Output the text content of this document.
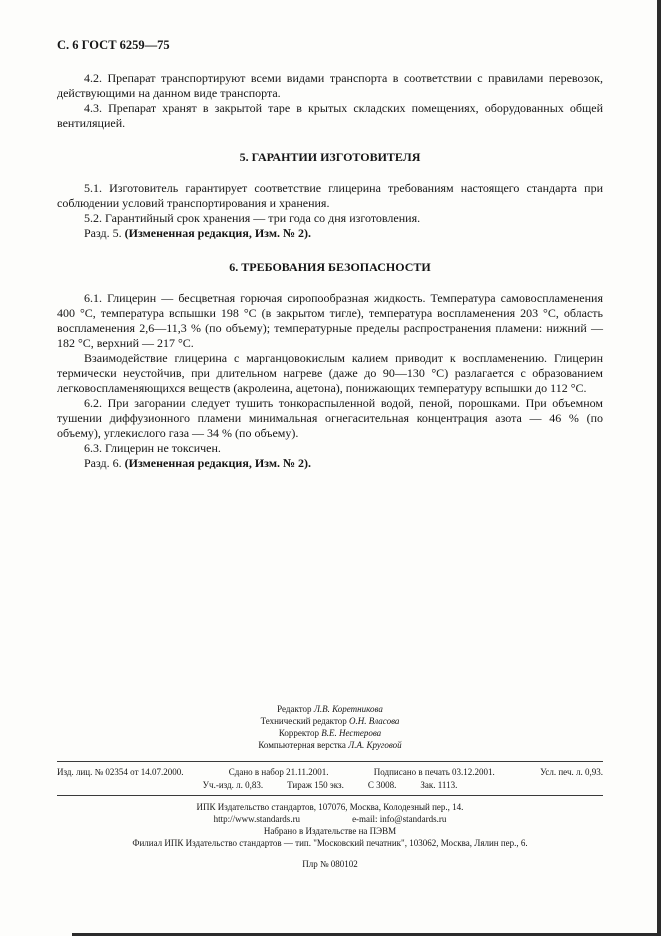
С. 6 ГОСТ 6259—75

4.2. Препарат транспортируют всеми видами транспорта в соответствии с правилами перевозок, действующими на данном виде транспорта.

4.3. Препарат хранят в закрытой таре в крытых складских помещениях, оборудованных общей вентиляцией.

5. ГАРАНТИИ ИЗГОТОВИТЕЛЯ

5.1. Изготовитель гарантирует соответствие глицерина требованиям настоящего стандарта при соблюдении условий транспортирования и хранения.

5.2. Гарантийный срок хранения — три года со дня изготовления.

Разд. 5. (Измененная редакция, Изм. № 2).

6. ТРЕБОВАНИЯ БЕЗОПАСНОСТИ

6.1. Глицерин — бесцветная горючая сиропообразная жидкость. Температура самовоспламенения 400 °С, температура вспышки 198 °С (в закрытом тигле), температура воспламенения 203 °С, область воспламенения 2,6—11,3 % (по объему); температурные пределы распространения пламени: нижний — 182 °С, верхний — 217 °С.

Взаимодействие глицерина с марганцовокислым калием приводит к воспламенению. Глицерин термически неустойчив, при длительном нагреве (даже до 90—130 °С) разлагается с образованием легковоспламеняющихся веществ (акролеина, ацетона), понижающих температуру вспышки до 112 °С.

6.2. При загорании следует тушить тонкораспыленной водой, пеной, порошками. При объемном тушении диффузионного пламени минимальная огнегасительная концентрация азота — 46 % (по объему), углекислого газа — 34 % (по объему).

6.3. Глицерин не токсичен.

Разд. 6. (Измененная редакция, Изм. № 2).

Редактор Л.В. Коретникова
Технический редактор О.Н. Власова
Корректор В.Е. Нестерова
Компьютерная верстка Л.А. Круговой
Изд. лиц. № 02354 от 14.07.2000.	Сдано в набор 21.11.2001.	Подписано в печать 03.12.2001.	Усл. печ. л. 0,93.
Уч.-изд. л. 0,83.	Тираж 150 экз.	С 3008.	Зак. 1113.
ИПК Издательство стандартов, 107076, Москва, Колодезный пер., 14.
http://www.standards.ru	e-mail: info@standards.ru
Набрано в Издательстве на ПЭВМ
Филиал ИПК Издательство стандартов — тип. "Московский печатник", 103062, Москва, Лялин пер., 6.
Плр № 080102
